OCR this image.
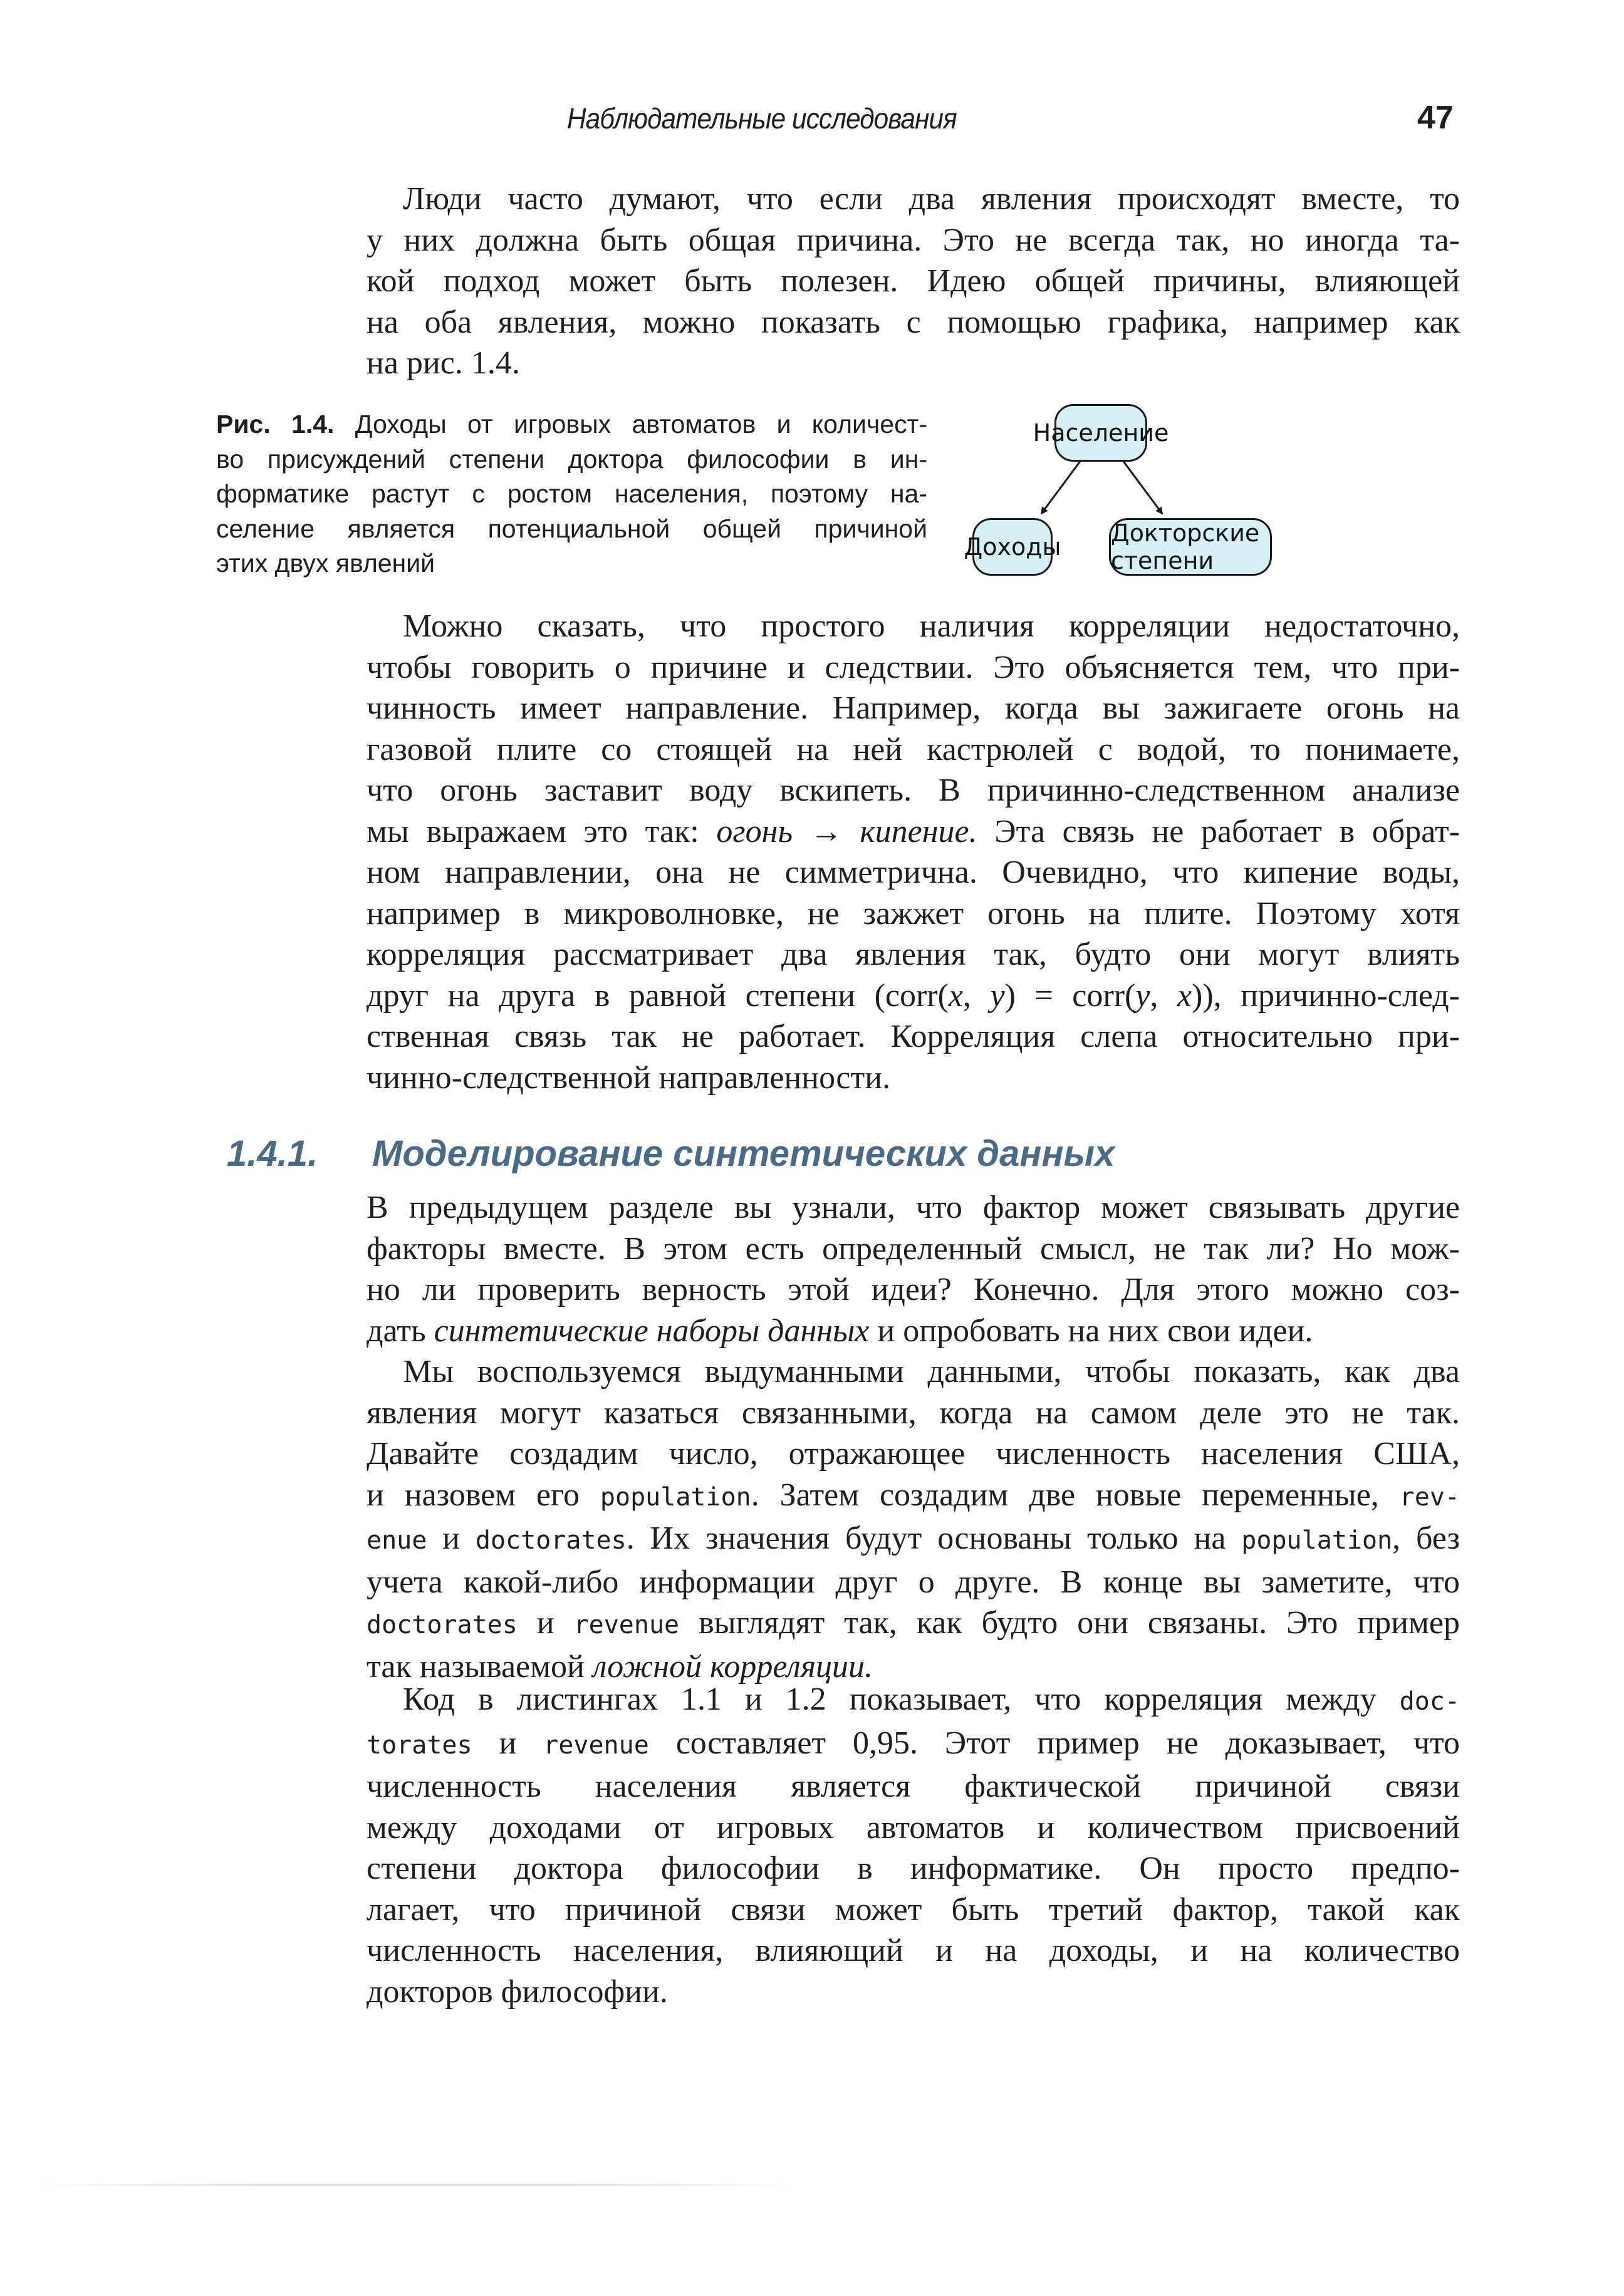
Наблюдательные исследования	47

Люди часто думают, что если два явления происходят вместе, то

у них должна быть общая причина. Это не всегда так, но иногда та-
кой подход может быть полезен. Идею общей причины, влияющей
на оба явления, можно показать с помощью графика, например как
на рис. 1.4.
Рис. 1.4. Доходы от игровых автоматов и количест-
во присуждений степени доктора философии в ин-
форматике растут с ростом населения, поэтому на-
селение является потенциальной общей причиной
этих двух явлений
Население
Доходы Докторские степени
Можно сказать, что простого наличия корреляции недостаточно,
чтобы говорить о причине и следствии. Это объясняется тем, что при-
чинность имеет направление. Например, когда вы зажигаете огонь на
газовой плите со стоящей на ней кастрюлей с водой, то понимаете,
что огонь заставит воду вскипеть. В причинно-следственном анализе
мы выражаем это так: огонь → кипение. Эта связь не работает в обрат-
ном направлении, она не симметрична. Очевидно, что кипение воды,
например в микроволновке, не зажжет огонь на плите. Поэтому хотя
корреляция рассматривает два явления так, будто они могут влиять
друг на друга в равной степени (corr(x, y) = corr(y, x)), причинно-след-
ственная связь так не работает. Корреляция слепа относительно при-
чинно-следственной направленности.
1.4.1. Моделирование синтетических данных
В предыдущем разделе вы узнали, что фактор может связывать другие
факторы вместе. В этом есть определенный смысл, не так ли? Но мож-
но ли проверить верность этой идеи? Конечно. Для этого можно соз-
дать синтетические наборы данных и опробовать на них свои идеи.
Мы воспользуемся выдуманными данными, чтобы показать, как два
явления могут казаться связанными, когда на самом деле это не так.
Давайте создадим число, отражающее численность населения США,
и назовем его population. Затем создадим две новые переменные, rev-
enue и doctorates. Их значения будут основаны только на population, без
учета какой-либо информации друг о друге. В конце вы заметите, что
doctorates и revenue выглядят так, как будто они связаны. Это пример
так называемой ложной корреляции.
Код в листингах 1.1 и 1.2 показывает, что корреляция между doc-
torates и revenue составляет 0,95. Этот пример не доказывает, что
численность населения является фактической причиной связи
между доходами от игровых автоматов и количеством присвоений
степени доктора философии в информатике. Он просто предпо-
лагает, что причиной связи может быть третий фактор, такой как
численность населения, влияющий и на доходы, и на количество
докторов философии.
